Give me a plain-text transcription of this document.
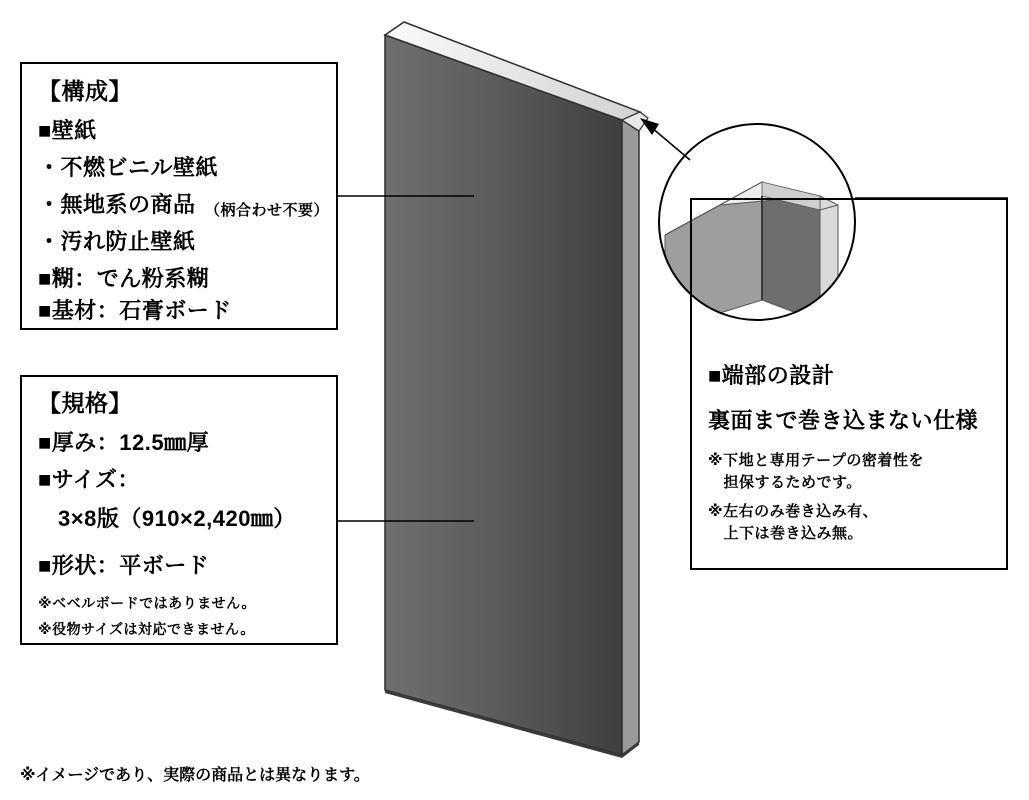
【構成】
■壁紙
・不燃ビニル壁紙
・無地系の商品 （柄合わせ不要）
・汚れ防止壁紙
■糊：でん粉系糊
■基材：石膏ボード
【規格】
■厚み：12.5㎜厚
■サイズ：
3×8版（910×2,420㎜）
■形状：平ボード
※ベベルボードではありません。
※役物サイズは対応できません。
■端部の設計
裏面まで巻き込まない仕様
※下地と専用テープの密着性を
　担保するためです。
※左右のみ巻き込み有、
　上下は巻き込み無。
※イメージであり、実際の商品とは異なります。
